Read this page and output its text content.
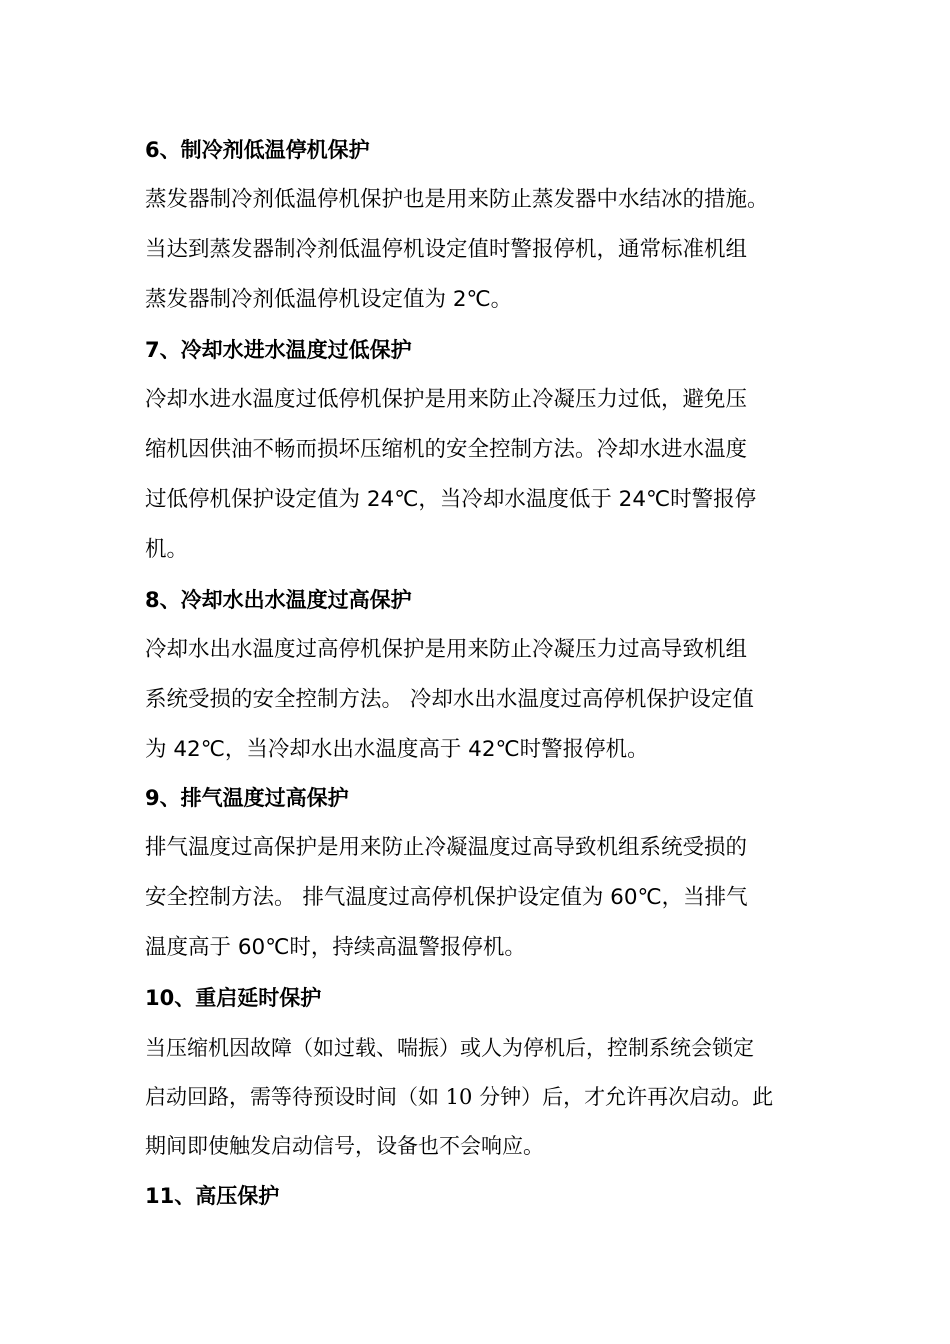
6、制冷剂低温停机保护
蒸发器制冷剂低温停机保护也是用来防止蒸发器中水结冰的措施。
当达到蒸发器制冷剂低温停机设定值时警报停机，通常标准机组
蒸发器制冷剂低温停机设定值为 2℃。
7、冷却水进水温度过低保护
冷却水进水温度过低停机保护是用来防止冷凝压力过低，避免压
缩机因供油不畅而损坏压缩机的安全控制方法。冷却水进水温度
过低停机保护设定值为 24℃，当冷却水温度低于 24℃时警报停
机。
8、冷却水出水温度过高保护
冷却水出水温度过高停机保护是用来防止冷凝压力过高导致机组
系统受损的安全控制方法。 冷却水出水温度过高停机保护设定值
为 42℃，当冷却水出水温度高于 42℃时警报停机。
9、排气温度过高保护
排气温度过高保护是用来防止冷凝温度过高导致机组系统受损的
安全控制方法。 排气温度过高停机保护设定值为 60℃，当排气
温度高于 60℃时，持续高温警报停机。
10、重启延时保护
当压缩机因故障（如过载、喘振）或人为停机后，控制系统会锁定
启动回路，需等待预设时间（如 10 分钟）后，才允许再次启动。此
期间即使触发启动信号，设备也不会响应。
11、高压保护
